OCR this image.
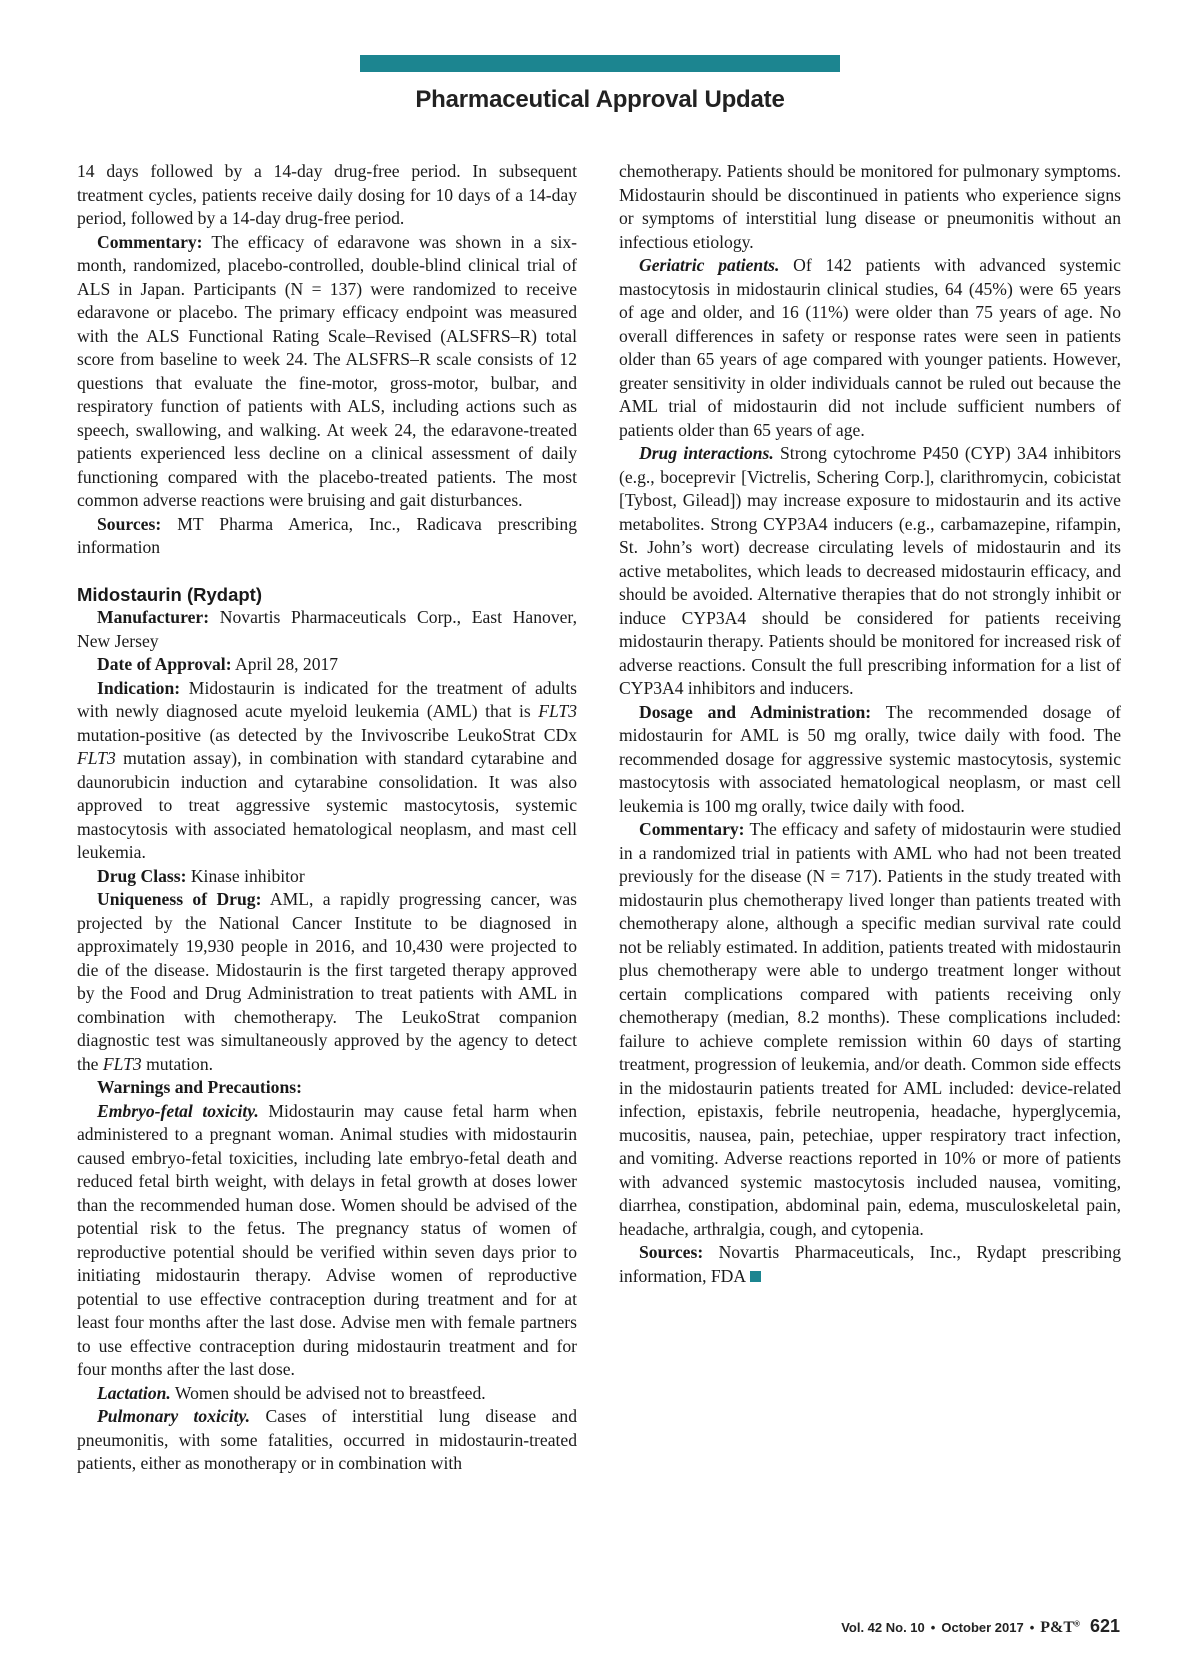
Pharmaceutical Approval Update

14 days followed by a 14-day drug-free period. In subsequent treatment cycles, patients receive daily dosing for 10 days of a 14-day period, followed by a 14-day drug-free period.

Commentary: The efficacy of edaravone was shown in a six-month, randomized, placebo-controlled, double-blind clinical trial of ALS in Japan. Participants (N = 137) were randomized to receive edaravone or placebo. The primary efficacy endpoint was measured with the ALS Functional Rating Scale–Revised (ALSFRS–R) total score from baseline to week 24. The ALSFRS–R scale consists of 12 questions that evaluate the fine-motor, gross-motor, bulbar, and respiratory function of patients with ALS, including actions such as speech, swallowing, and walking. At week 24, the edaravone-treated patients experienced less decline on a clinical assessment of daily functioning compared with the placebo-treated patients. The most common adverse reactions were bruising and gait disturbances.

Sources: MT Pharma America, Inc., Radicava prescribing information

Midostaurin (Rydapt)

Manufacturer: Novartis Pharmaceuticals Corp., East Hanover, New Jersey

Date of Approval: April 28, 2017

Indication: Midostaurin is indicated for the treatment of adults with newly diagnosed acute myeloid leukemia (AML) that is FLT3 mutation-positive (as detected by the Invivoscribe LeukoStrat CDx FLT3 mutation assay), in combination with standard cytarabine and daunorubicin induction and cytarabine consolidation. It was also approved to treat aggressive systemic mastocytosis, systemic mastocytosis with associated hematological neoplasm, and mast cell leukemia.

Drug Class: Kinase inhibitor

Uniqueness of Drug: AML, a rapidly progressing cancer, was projected by the National Cancer Institute to be diagnosed in approximately 19,930 people in 2016, and 10,430 were projected to die of the disease. Midostaurin is the first targeted therapy approved by the Food and Drug Administration to treat patients with AML in combination with chemotherapy. The LeukoStrat companion diagnostic test was simultaneously approved by the agency to detect the FLT3 mutation.

Warnings and Precautions:

Embryo-fetal toxicity. Midostaurin may cause fetal harm when administered to a pregnant woman. Animal studies with midostaurin caused embryo-fetal toxicities, including late embryo-fetal death and reduced fetal birth weight, with delays in fetal growth at doses lower than the recommended human dose. Women should be advised of the potential risk to the fetus. The pregnancy status of women of reproductive potential should be verified within seven days prior to initiating midostaurin therapy. Advise women of reproductive potential to use effective contraception during treatment and for at least four months after the last dose. Advise men with female partners to use effective contraception during midostaurin treatment and for four months after the last dose.

Lactation. Women should be advised not to breastfeed.

Pulmonary toxicity. Cases of interstitial lung disease and pneumonitis, with some fatalities, occurred in midostaurin-treated patients, either as monotherapy or in combination with

chemotherapy. Patients should be monitored for pulmonary symptoms. Midostaurin should be discontinued in patients who experience signs or symptoms of interstitial lung disease or pneumonitis without an infectious etiology.

Geriatric patients. Of 142 patients with advanced systemic mastocytosis in midostaurin clinical studies, 64 (45%) were 65 years of age and older, and 16 (11%) were older than 75 years of age. No overall differences in safety or response rates were seen in patients older than 65 years of age compared with younger patients. However, greater sensitivity in older individuals cannot be ruled out because the AML trial of midostaurin did not include sufficient numbers of patients older than 65 years of age.

Drug interactions. Strong cytochrome P450 (CYP) 3A4 inhibitors (e.g., boceprevir [Victrelis, Schering Corp.], clarithromycin, cobicistat [Tybost, Gilead]) may increase exposure to midostaurin and its active metabolites. Strong CYP3A4 inducers (e.g., carbamazepine, rifampin, St. John’s wort) decrease circulating levels of midostaurin and its active metabolites, which leads to decreased midostaurin efficacy, and should be avoided. Alternative therapies that do not strongly inhibit or induce CYP3A4 should be considered for patients receiving midostaurin therapy. Patients should be monitored for increased risk of adverse reactions. Consult the full prescribing information for a list of CYP3A4 inhibitors and inducers.

Dosage and Administration: The recommended dosage of midostaurin for AML is 50 mg orally, twice daily with food. The recommended dosage for aggressive systemic mastocytosis, systemic mastocytosis with associated hematological neoplasm, or mast cell leukemia is 100 mg orally, twice daily with food.

Commentary: The efficacy and safety of midostaurin were studied in a randomized trial in patients with AML who had not been treated previously for the disease (N = 717). Patients in the study treated with midostaurin plus chemotherapy lived longer than patients treated with chemotherapy alone, although a specific median survival rate could not be reliably estimated. In addition, patients treated with midostaurin plus chemotherapy were able to undergo treatment longer without certain complications compared with patients receiving only chemotherapy (median, 8.2 months). These complications included: failure to achieve complete remission within 60 days of starting treatment, progression of leukemia, and/or death. Common side effects in the midostaurin patients treated for AML included: device-related infection, epistaxis, febrile neutropenia, headache, hyperglycemia, mucositis, nausea, pain, petechiae, upper respiratory tract infection, and vomiting. Adverse reactions reported in 10% or more of patients with advanced systemic mastocytosis included nausea, vomiting, diarrhea, constipation, abdominal pain, edema, musculoskeletal pain, headache, arthralgia, cough, and cytopenia.

Sources: Novartis Pharmaceuticals, Inc., Rydapt prescribing information, FDA

Vol. 42 No. 10 • October 2017 • P&T® 621
